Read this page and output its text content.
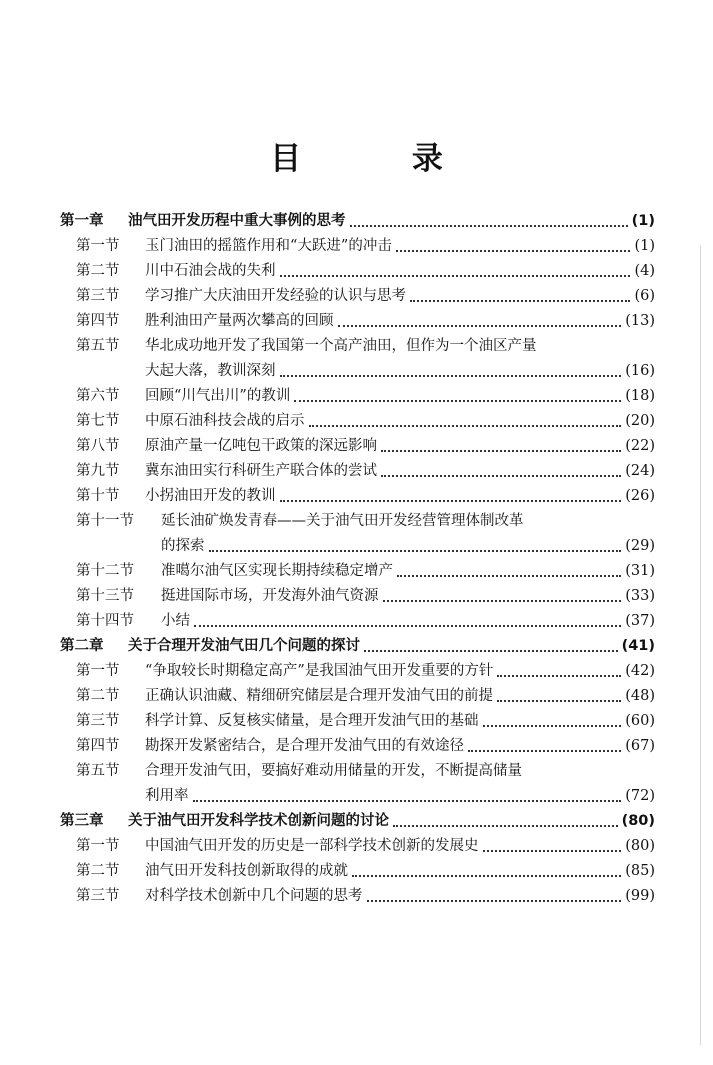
目 录
第一章	油气田开发历程中重大事例的思考	(1)
第一节	玉门油田的摇篮作用和“大跃进”的冲击	(1)
第二节	川中石油会战的失利	(4)
第三节	学习推广大庆油田开发经验的认识与思考	(6)
第四节	胜利油田产量两次攀高的回顾	(13)
第五节	华北成功地开发了我国第一个高产油田，但作为一个油区产量
大起大落，教训深刻	(16)
第六节	回顾“川气出川”的教训	(18)
第七节	中原石油科技会战的启示	(20)
第八节	原油产量一亿吨包干政策的深远影响	(22)
第九节	冀东油田实行科研生产联合体的尝试	(24)
第十节	小拐油田开发的教训	(26)
第十一节	延长油矿焕发青春——关于油气田开发经营管理体制改革
的探索	(29)
第十二节	准噶尔油气区实现长期持续稳定增产	(31)
第十三节	挺进国际市场，开发海外油气资源	(33)
第十四节	小结	(37)
第二章	关于合理开发油气田几个问题的探讨	(41)
第一节	“争取较长时期稳定高产”是我国油气田开发重要的方针	(42)
第二节	正确认识油藏、精细研究储层是合理开发油气田的前提	(48)
第三节	科学计算、反复核实储量，是合理开发油气田的基础	(60)
第四节	勘探开发紧密结合，是合理开发油气田的有效途径	(67)
第五节	合理开发油气田，要搞好难动用储量的开发，不断提高储量
利用率	(72)
第三章	关于油气田开发科学技术创新问题的讨论	(80)
第一节	中国油气田开发的历史是一部科学技术创新的发展史	(80)
第二节	油气田开发科技创新取得的成就	(85)
第三节	对科学技术创新中几个问题的思考	(99)
